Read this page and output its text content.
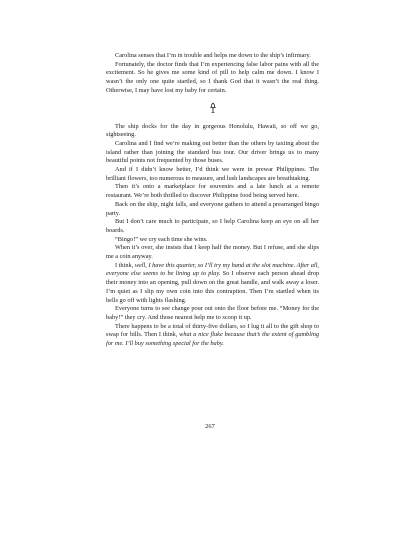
Carolina senses that I’m in trouble and helps me down to the ship’s infirmary.

Fortunately, the doctor finds that I’m experiencing false labor pains with all the excitement. So he gives me some kind of pill to help calm me down. I know I wasn’t the only one quite startled, so I thank God that it wasn’t the real thing. Otherwise, I may have lost my baby for certain.

The ship docks for the day in gorgeous Honolulu, Hawaii, so off we go, sightseeing.

Carolina and I find we’re making out better than the others by taxiing about the island rather than joining the standard bus tour. Our driver brings us to many beautiful points not frequented by those buses.

And if I didn’t know better, I’d think we were in prewar Philippines. The brilliant flowers, too numerous to measure, and lush landscapes are breathtaking.

Then it’s onto a marketplace for souvenirs and a late lunch at a remote restaurant. We’re both thrilled to discover Philippine food being served here.

Back on the ship, night falls, and everyone gathers to attend a prearranged bingo party.

But I don’t care much to participate, so I help Carolina keep an eye on all her boards.

“Bingo!” we cry each time she wins.

When it’s over, she insists that I keep half the money. But I refuse, and she slips me a coin anyway.

I think, well, I have this quarter, so I’ll try my hand at the slot machine. After all, everyone else seems to be lining up to play. So I observe each person ahead drop their money into an opening, pull down on the great handle, and walk away a loser. I’m quiet as I slip my own coin into this contraption. Then I’m startled when its bells go off with lights flashing.

Everyone turns to see change pour out onto the floor before me. “Money for the baby!” they cry. And those nearest help me to scoop it up.

There happens to be a total of thirty-five dollars, so I lug it all to the gift shop to swap for bills. Then I think, what a nice fluke because that’s the extent of gambling for me. I’ll buy something special for the baby.

267
